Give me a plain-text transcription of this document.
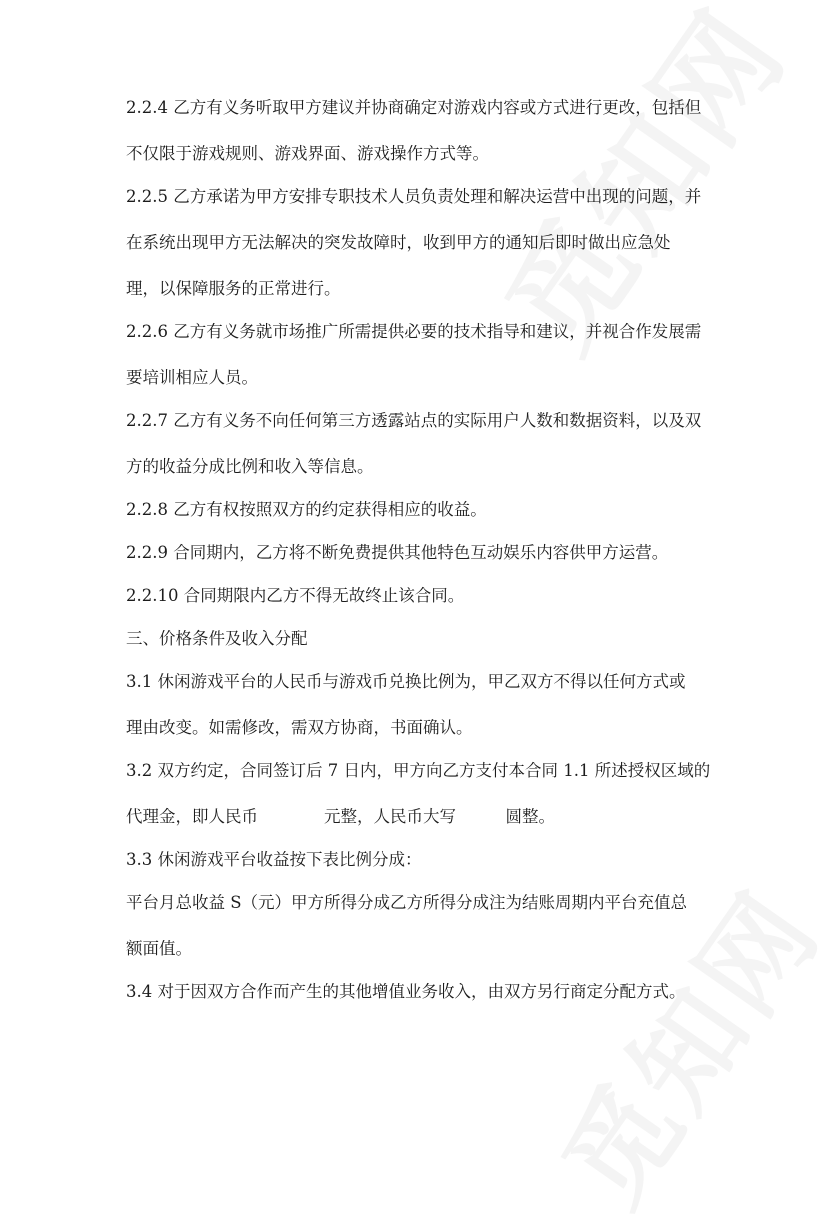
2.2.4 乙方有义务听取甲方建议并协商确定对游戏内容或方式进行更改，包括但
不仅限于游戏规则、游戏界面、游戏操作方式等。
2.2.5 乙方承诺为甲方安排专职技术人员负责处理和解决运营中出现的问题，并
在系统出现甲方无法解决的突发故障时，收到甲方的通知后即时做出应急处
理，以保障服务的正常进行。
2.2.6 乙方有义务就市场推广所需提供必要的技术指导和建议，并视合作发展需
要培训相应人员。
2.2.7 乙方有义务不向任何第三方透露站点的实际用户人数和数据资料，以及双
方的收益分成比例和收入等信息。
2.2.8 乙方有权按照双方的约定获得相应的收益。
2.2.9 合同期内，乙方将不断免费提供其他特色互动娱乐内容供甲方运营。
2.2.10 合同期限内乙方不得无故终止该合同。
三、价格条件及收入分配
3.1 休闲游戏平台的人民币与游戏币兑换比例为，甲乙双方不得以任何方式或
理由改变。如需修改，需双方协商，书面确认。
3.2 双方约定，合同签订后 7 日内，甲方向乙方支付本合同 1.1 所述授权区域的
代理金，即人民币　　　　元整，人民币大写　　　圆整。
3.3 休闲游戏平台收益按下表比例分成：
平台月总收益 S（元）甲方所得分成乙方所得分成注为结账周期内平台充值总
额面值。
3.4 对于因双方合作而产生的其他增值业务收入，由双方另行商定分配方式。
